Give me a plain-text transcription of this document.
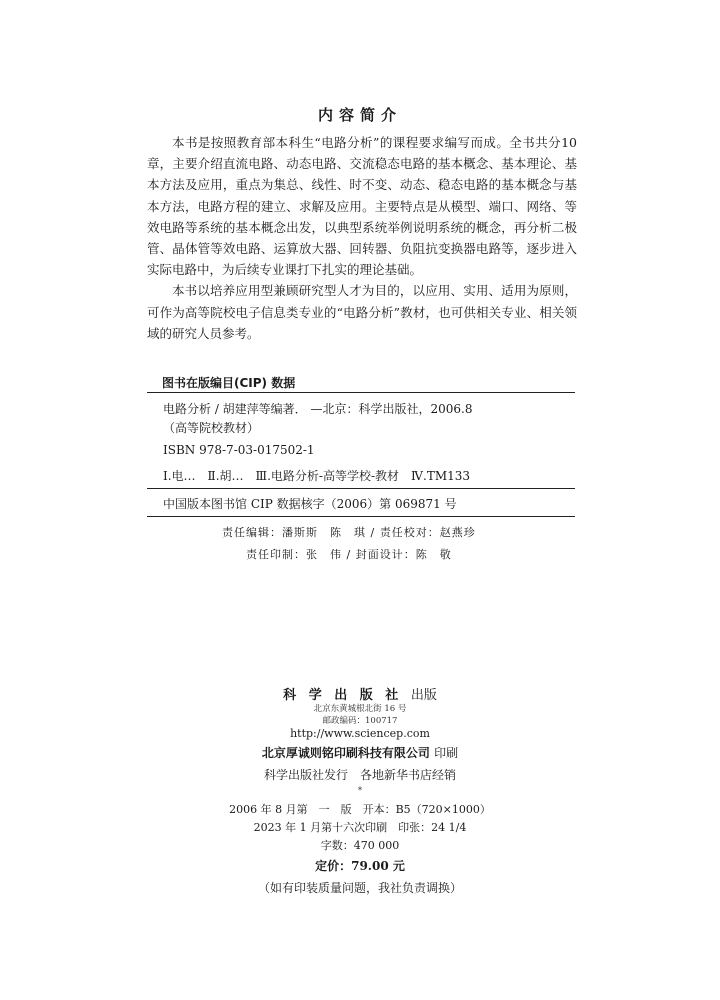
内容简介

本书是按照教育部本科生“电路分析”的课程要求编写而成。全书共分10章，主要介绍直流电路、动态电路、交流稳态电路的基本概念、基本理论、基本方法及应用，重点为集总、线性、时不变、动态、稳态电路的基本概念与基本方法，电路方程的建立、求解及应用。主要特点是从模型、端口、网络、等效电路等系统的基本概念出发，以典型系统举例说明系统的概念，再分析二极管、晶体管等效电路、运算放大器、回转器、负阻抗变换器电路等，逐步进入实际电路中，为后续专业课打下扎实的理论基础。

本书以培养应用型兼顾研究型人才为目的，以应用、实用、适用为原则，可作为高等院校电子信息类专业的“电路分析”教材，也可供相关专业、相关领域的研究人员参考。

图书在版编目(CIP) 数据
电路分析 / 胡建萍等编著． —北京：科学出版社，2006.8
（高等院校教材）
ISBN 978-7-03-017502-1
Ⅰ.电…　Ⅱ.胡…　Ⅲ.电路分析-高等学校-教材　Ⅳ.TM133
中国版本图书馆 CIP 数据核字（2006）第 069871 号
责任编辑：潘斯斯　陈　琪 / 责任校对：赵燕珍
责任印制：张　伟 / 封面设计：陈　敬
科 学 出 版 社 出版
北京东黄城根北街 16 号
邮政编码：100717
http://www.sciencep.com
北京厚诚则铭印刷科技有限公司 印刷
科学出版社发行　各地新华书店经销
*
2006 年 8 月第　一　版　开本：B5（720×1000）
2023 年 1 月第十六次印刷　印张：24 1/4
字数：470 000
定价：79.00 元
（如有印装质量问题，我社负责调换）
